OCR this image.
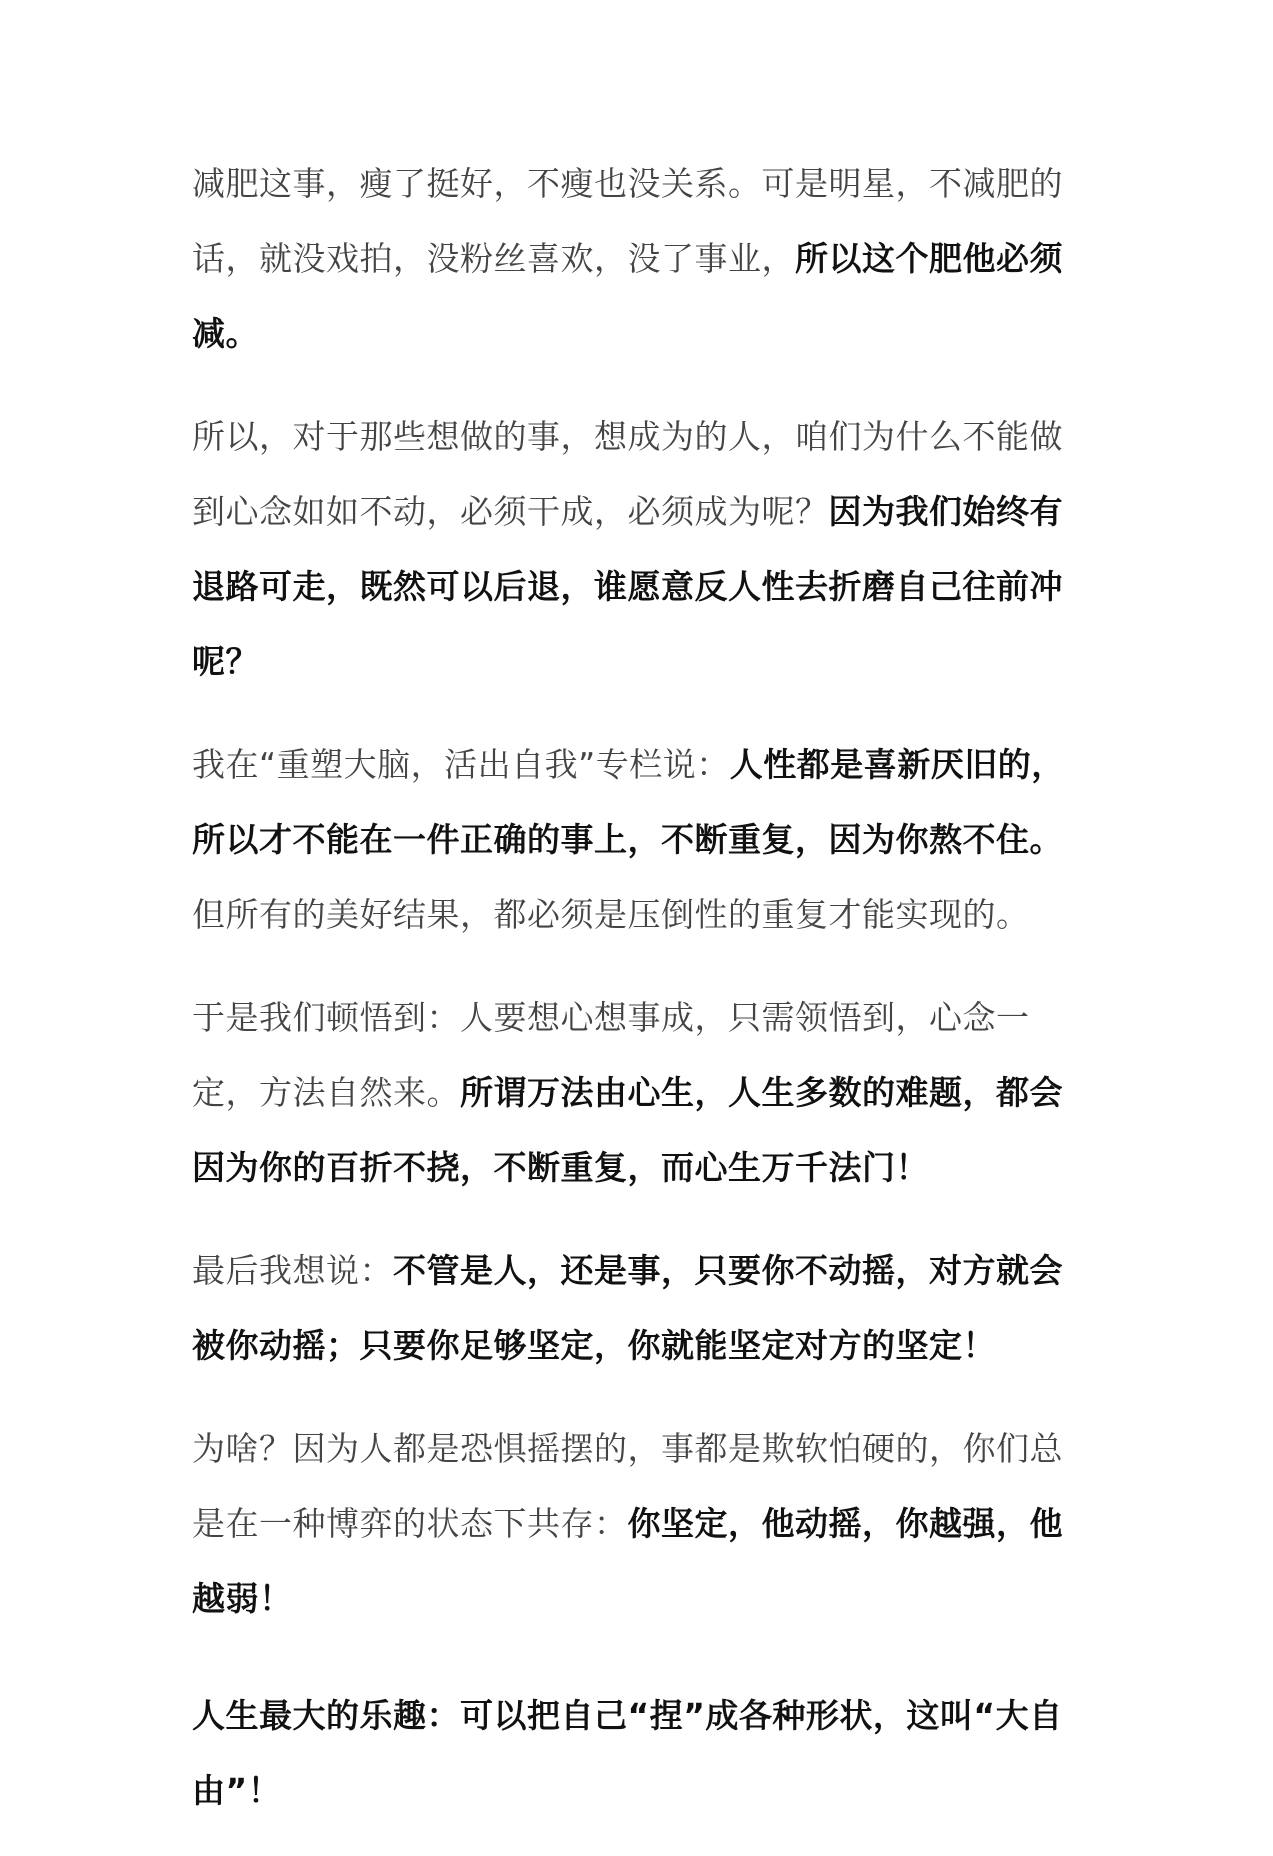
减肥这事，瘦了挺好，不瘦也没关系。可是明星，不减肥的话，就没戏拍，没粉丝喜欢，没了事业，所以这个肥他必须减。

所以，对于那些想做的事，想成为的人，咱们为什么不能做到心念如如不动，必须干成，必须成为呢？因为我们始终有退路可走，既然可以后退，谁愿意反人性去折磨自己往前冲呢？

我在“重塑大脑，活出自我”专栏说：人性都是喜新厌旧的，所以才不能在一件正确的事上，不断重复，因为你熬不住。但所有的美好结果，都必须是压倒性的重复才能实现的。

于是我们顿悟到：人要想心想事成，只需领悟到，心念一定，方法自然来。所谓万法由心生，人生多数的难题，都会因为你的百折不挠，不断重复，而心生万千法门！

最后我想说：不管是人，还是事，只要你不动摇，对方就会被你动摇；只要你足够坚定，你就能坚定对方的坚定！

为啥？因为人都是恐惧摇摆的，事都是欺软怕硬的，你们总是在一种博弈的状态下共存：你坚定，他动摇，你越强，他越弱！

人生最大的乐趣：可以把自己“捏”成各种形状，这叫“大自由”！
